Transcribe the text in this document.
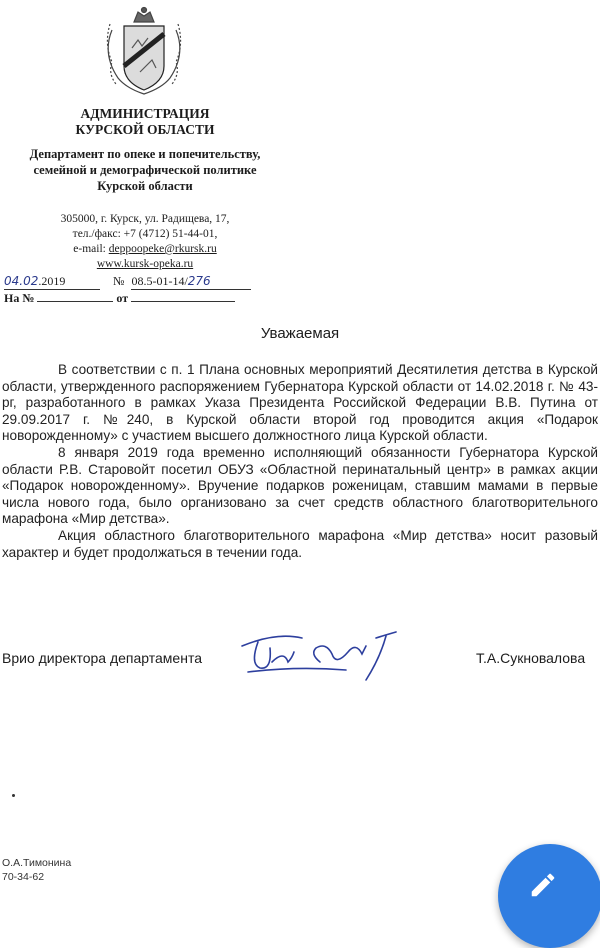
АДМИНИСТРАЦИЯ
КУРСКОЙ ОБЛАСТИ
Департамент по опеке и попечительству,
семейной и демографической политике
Курской области
305000, г. Курск, ул. Радищева, 17,
тел./факс: +7 (4712) 51-44-01,
e-mail: deppoopeke@rkursk.ru
www.kursk-opeka.ru
04.02.2019	№ 08.5-01-14/276
На №	от
Уважаемая

В соответствии с п. 1 Плана основных мероприятий Десятилетия детства в Курской области, утвержденного распоряжением Губернатора Курской области от 14.02.2018 г. № 43-рг, разработанного в рамках Указа Президента Российской Федерации В.В. Путина от 29.09.2017 г. №240, в Курской области второй год проводится акция «Подарок новорожденному» с участием высшего должностного лица Курской области.

8 января 2019 года временно исполняющий обязанности Губернатора Курской области Р.В. Старовойт посетил ОБУЗ «Областной перинатальный центр» в рамках акции «Подарок новорожденному». Вручение подарков роженицам, ставшим мамами в первые числа нового года, было организовано за счет средств областного благотворительного марафона «Мир детства».

Акция областного благотворительного марафона «Мир детства» носит разовый характер и будет продолжаться в течении года.

Врио директора департамента	Т.А.Сукновалова
О.А.Тимонина
70-34-62
